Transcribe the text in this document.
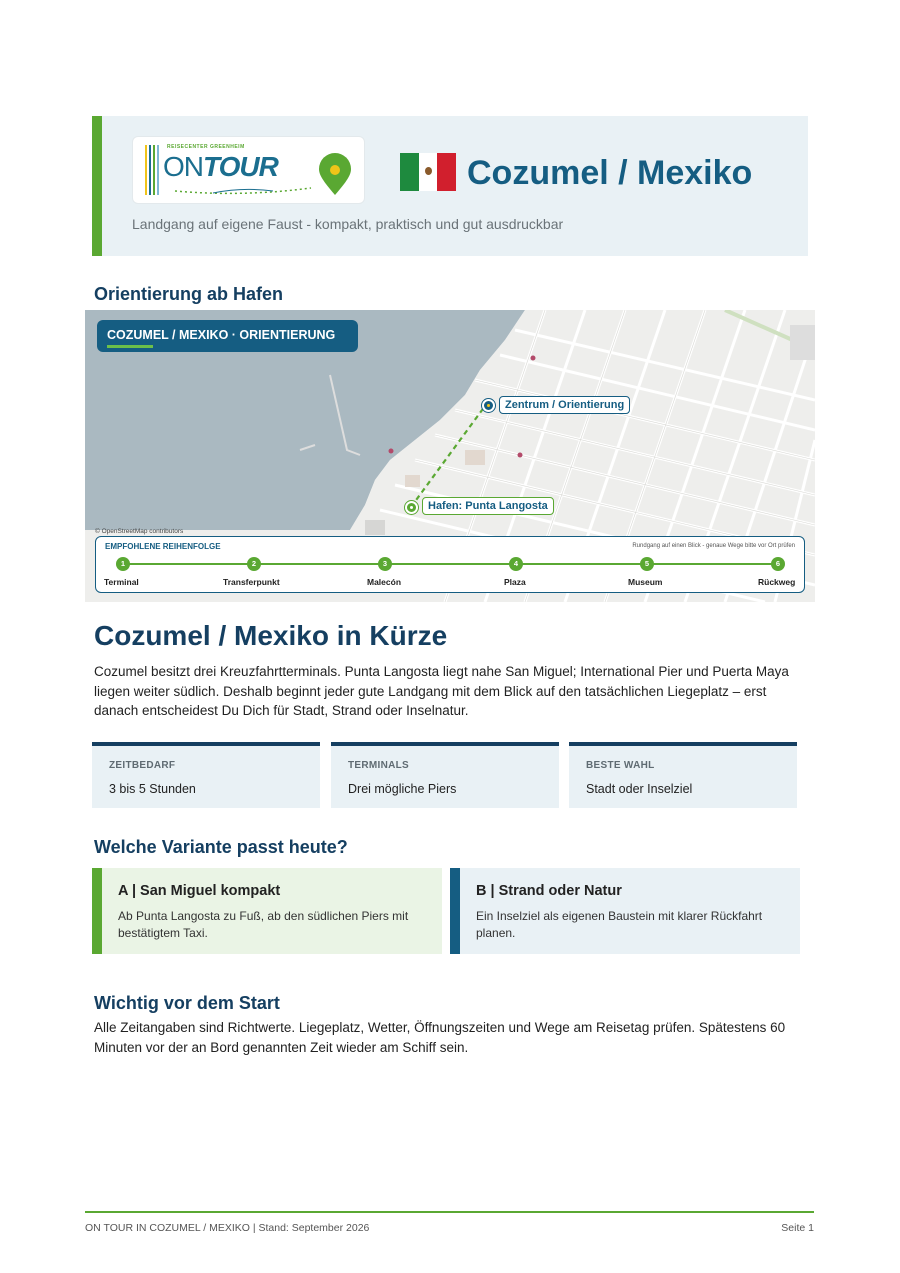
REISECENTER GREENHEIM
ONTOUR	Cozumel / Mexiko
Landgang auf eigene Faust - kompakt, praktisch und gut ausdruckbar
Orientierung ab Hafen
COZUMEL / MEXIKO · ORIENTIERUNG
Zentrum / Orientierung
Hafen: Punta Langosta
© OpenStreetMap contributors
EMPFOHLENE REIHENFOLGE	Rundgang auf einen Blick - genaue Wege bitte vor Ort prüfen
1	2	3	4	5	6
Terminal	Transferpunkt	Malecón	Plaza	Museum	Rückweg
Cozumel / Mexiko in Kürze

Cozumel besitzt drei Kreuzfahrtterminals. Punta Langosta liegt nahe San Miguel; International Pier und Puerta Maya liegen weiter südlich. Deshalb beginnt jeder gute Landgang mit dem Blick auf den tatsächlichen Liegeplatz – erst danach entscheidest Du Dich für Stadt, Strand oder Inselnatur.

ZEITBEDARF
3 bis 5 Stunden
TERMINALS
Drei mögliche Piers
BESTE WAHL
Stadt oder Inselziel
Welche Variante passt heute?
A | San Miguel kompakt
Ab Punta Langosta zu Fuß, ab den südlichen Piers mit bestätigtem Taxi.
B | Strand oder Natur
Ein Inselziel als eigenen Baustein mit klarer Rückfahrt planen.
Wichtig vor dem Start

Alle Zeitangaben sind Richtwerte. Liegeplatz, Wetter, Öffnungszeiten und Wege am Reisetag prüfen. Spätestens 60 Minuten vor der an Bord genannten Zeit wieder am Schiff sein.

ON TOUR IN COZUMEL / MEXIKO | Stand: September 2026	Seite 1
